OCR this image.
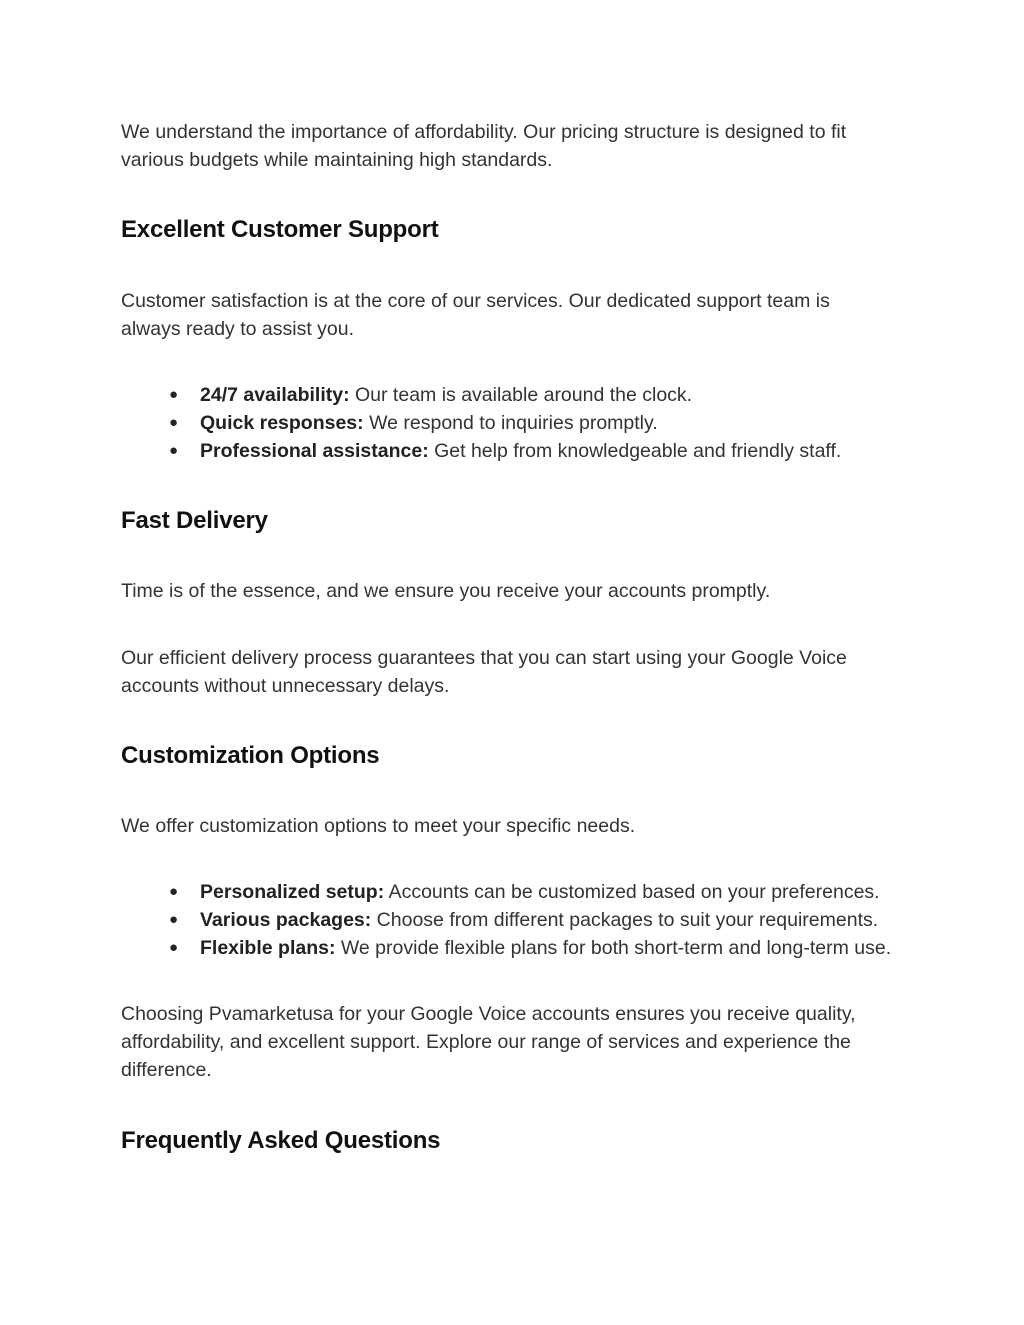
We understand the importance of affordability. Our pricing structure is designed to fit various budgets while maintaining high standards.

Excellent Customer Support

Customer satisfaction is at the core of our services. Our dedicated support team is always ready to assist you.

● 24/7 availability: Our team is available around the clock.
● Quick responses: We respond to inquiries promptly.
● Professional assistance: Get help from knowledgeable and friendly staff.
Fast Delivery

Time is of the essence, and we ensure you receive your accounts promptly.

Our efficient delivery process guarantees that you can start using your Google Voice accounts without unnecessary delays.

Customization Options

We offer customization options to meet your specific needs.

● Personalized setup: Accounts can be customized based on your preferences.
● Various packages: Choose from different packages to suit your requirements.
● Flexible plans: We provide flexible plans for both short-term and long-term use.

Choosing Pvamarketusa for your Google Voice accounts ensures you receive quality, affordability, and excellent support. Explore our range of services and experience the difference.

Frequently Asked Questions
